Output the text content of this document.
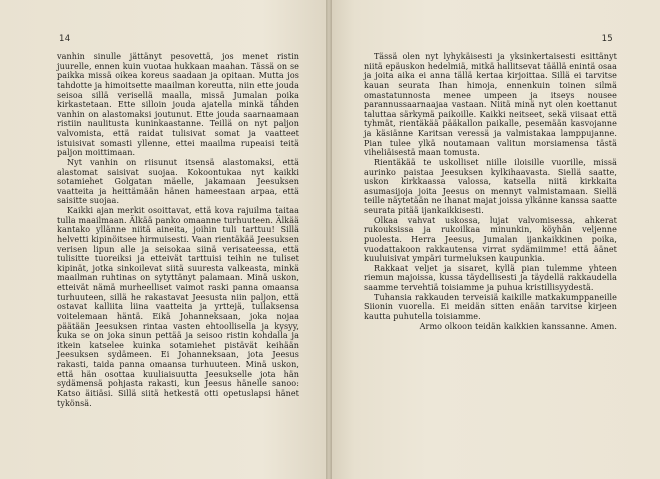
14

vanhin sinulle jättänyt pesovettä, jos menet ristin juurelle, ennen kuin vuotaa hukkaan maahan. Tässä on se paikka missä oikea koreus saadaan ja opitaan. Mutta jos tahdotte ja himoitsette maailman koreutta, niin ette jouda seisoa sillä verisellä maalla, missä Jumalan poika kirkastetaan. Ette silloin jouda ajatella minkä tähden vanhin on alastomaksi joutunut. Ette jouda saarnaamaan ristiin naulitusta kuninkaastanne. Teillä on nyt paljon valvomista, että raidat tulisivat somat ja vaatteet istuisivat somasti yllenne, ettei maailma rupeaisi teitä paljon moittimaan.

Nyt vanhin on riisunut itsensä alastomaksi, että alastomat saisivat suojaa. Kokoontukaa nyt kaikki sotamiehet Golgatan mäelle, jakamaan Jeesuksen vaatteita ja heittämään hänen hameestaan arpaa, että saisitte suojaa.

Kaikki ajan merkit osoittavat, että kova rajuilma taitaa tulla maailmaan. Älkää panko omaanne turhuuteen. Älkää kantako yllänne niitä aineita, joihin tuli tarttuu! Sillä helvetti kipinöitsee hirmuisesti. Vaan rientäkää Jeesuksen verisen lipun alle ja seisokaa siinä verisateessa, että tulisitte tuoreiksi ja etteivät tarttuisi teihin ne tuliset kipinät, jotka sinkoilevat siitä suuresta valkeasta, minkä maailman ruhtinas on sytyttänyt palamaan. Minä uskon, etteivät nämä murheelliset vaimot raski panna omaansa turhuuteen, sillä he rakastavat Jeesusta niin paljon, että ostavat kalliita liina vaatteita ja yrttejä, tullaksensa voitelemaan häntä. Eikä Johanneksaan, joka nojaa päätään Jeesuksen rintaa vasten ehtoollisella ja kysyy, kuka se on joka sinun pettää ja seisoo ristin kohdalla ja itkein katselee kuinka sotamiehet pistävät keihään Jeesuksen sydämeen. Ei Johanneksaan, jota Jeesus rakasti, taida panna omaansa turhuuteen. Minä uskon, että hän osottaa kuuliaisuutta Jeesukselle jota hän sydämensä pohjasta rakasti, kun Jeesus hänelle sanoo: Katso äitiäsi. Sillä siitä hetkestä otti opetuslapsi hänet tykönsä.

15

Tässä olen nyt lyhykäisesti ja yksinkertaisesti esittänyt niitä epäuskon hedelmiä, mitkä hallitsevat täällä enintä osaa ja joita aika ei anna tällä kertaa kirjoittaa. Sillä ei tarvitse kauan seurata Ihan himoja, ennenkuin toinen silmä omastatunnosta menee umpeen ja itseys nousee parannussaarnaajaa vastaan. Niitä minä nyt olen koettanut taluttaa särkymä paikoille. Kaikki neitseet, sekä viisaat että tyhmät, rientäkää pääkallon paikalle, pesemään kasvojanne ja käsiänne Karitsan veressä ja valmistakaa lamppujanne. Pian tulee ylkä noutamaan valitun morsiamensa tästä viheliäisestä maan tomusta.

Rientäkää te uskolliset niille iloisille vuorille, missä aurinko paistaa Jeesuksen kylkihaavasta. Siellä saatte, uskon kirkkaassa valossa, katsella niitä kirkkaita asumasijoja joita Jeesus on mennyt valmistamaan. Siellä teille näytetään ne ihanat majat joissa ylkänne kanssa saatte seurata pitää ijankaikkisesti.

Olkaa vahvat uskossa, lujat valvomisessa, ahkerat rukouksissa ja rukoilkaa minunkin, köyhän veljenne puolesta. Herra Jeesus, Jumalan ijankaikkinen poika, vuodattakoon rakkautensa virrat sydämiimme! että äänet kuuluisivat ympäri turmeluksen kaupunkia.

Rakkaat veljet ja sisaret, kyllä pian tulemme yhteen riemun majoissa, kussa täydellisesti ja täydellä rakkaudella saamme tervehtiä toisiamme ja puhua kristillisyydestä.

Tuhansia rakkauden terveisiä kaikille matkakumppaneille Siionin vuorella. Ei meidän sitten enään tarvitse kirjeen kautta puhutella toisiamme.

Armo olkoon teidän kaikkien kanssanne. Amen.
